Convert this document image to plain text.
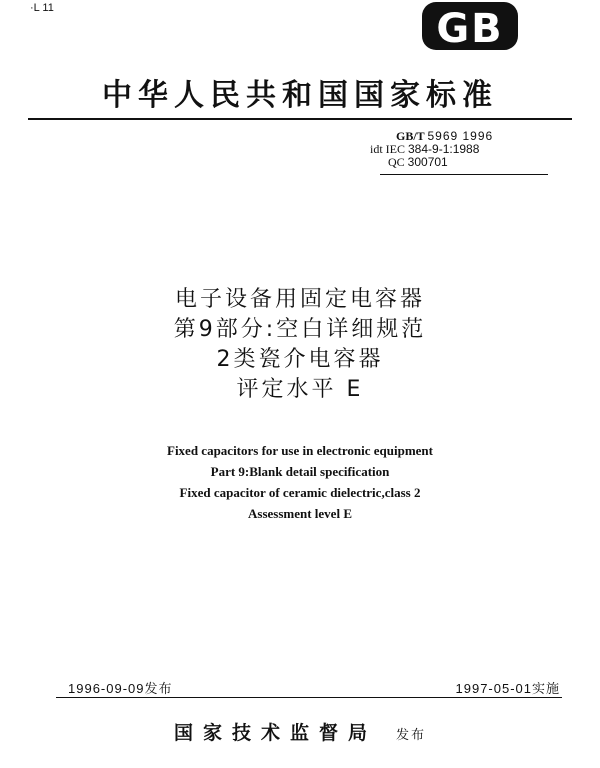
·L 11	GB
中华人民共和国国家标准
GB/T 5969 1996
idt IEC 384-9-1:1988
QC 300701
电子设备用固定电容器
第9部分:空白详细规范
2类瓷介电容器
评定水平 E
Fixed capacitors for use in electronic equipment
Part 9:Blank detail specification
Fixed capacitor of ceramic dielectric,class 2
Assessment level E
1996-09-09发布	1997-05-01实施
国家技术监督局 发布
